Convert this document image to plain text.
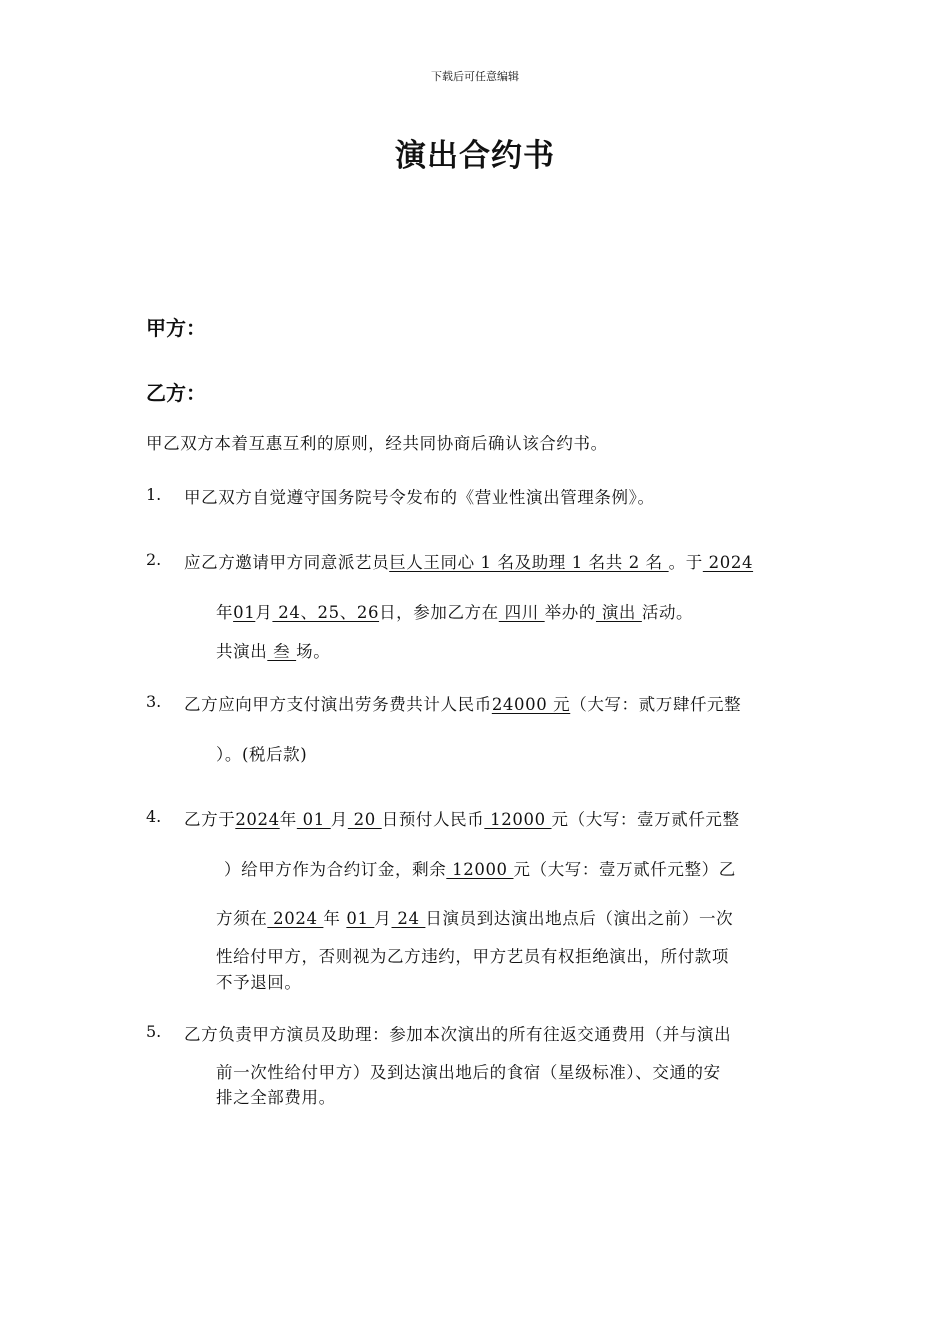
下载后可任意编辑
演出合约书
甲方：
乙方：
甲乙双方本着互惠互利的原则，经共同协商后确认该合约书。
1. 甲乙双方自觉遵守国务院号令发布的《营业性演出管理条例》。
2. 应乙方邀请甲方同意派艺员巨人王同心 1 名及助理 1 名共 2 名 。于 2024
年01月 24、25、26日，参加乙方在 四川 举办的 演出 活动。
共演出 叁 场。
3. 乙方应向甲方支付演出劳务费共计人民币24000 元（大写：贰万肆仟元整
）。(税后款)
4. 乙方于2024年 01 月 20 日预付人民币 12000 元（大写：壹万贰仟元整
）给甲方作为合约订金，剩余 12000 元（大写：壹万贰仟元整）乙
方须在 2024 年 01 月 24 日演员到达演出地点后（演出之前）一次
性给付甲方，否则视为乙方违约，甲方艺员有权拒绝演出，所付款项
不予退回。
5. 乙方负责甲方演员及助理：参加本次演出的所有往返交通费用（并与演出
前一次性给付甲方）及到达演出地后的食宿（星级标准）、交通的安
排之全部费用。
